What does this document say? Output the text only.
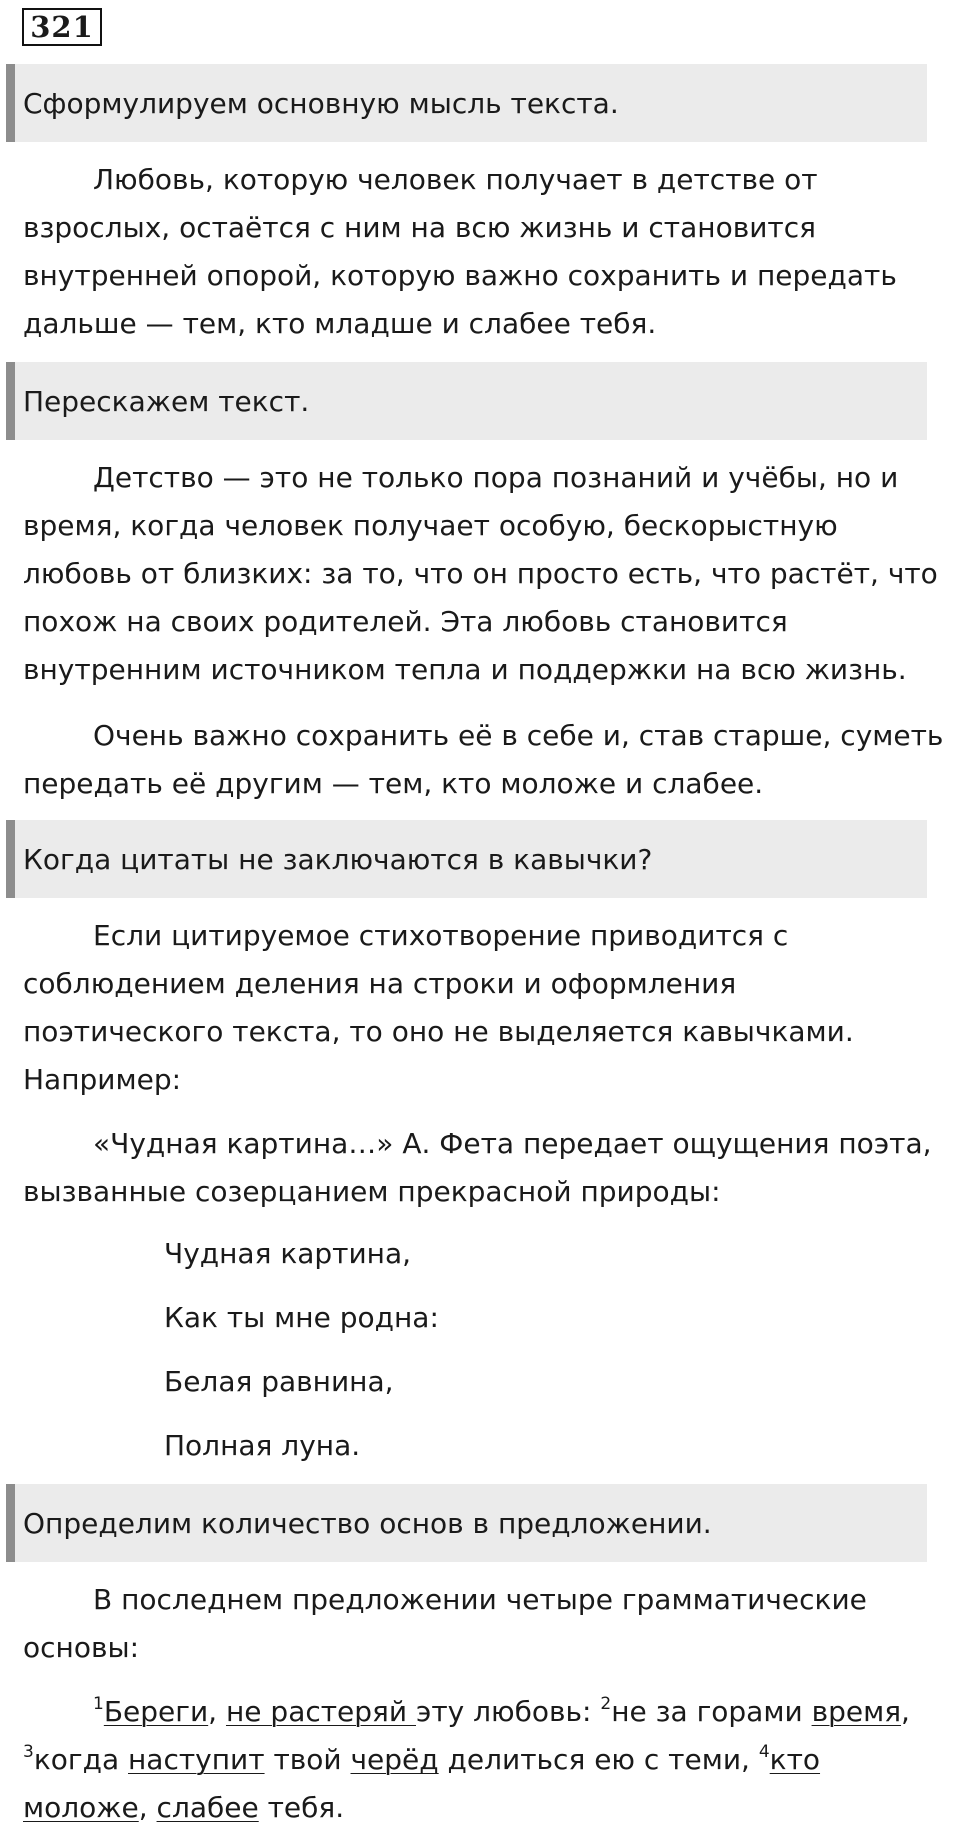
321
Сформулируем основную мысль текста.
Любовь, которую человек получает в детстве от
взрослых, остаётся с ним на всю жизнь и становится
внутренней опорой, которую важно сохранить и передать
дальше — тем, кто младше и слабее тебя.
Перескажем текст.
Детство — это не только пора познаний и учёбы, но и
время, когда человек получает особую, бескорыстную
любовь от близких: за то, что он просто есть, что растёт, что
похож на своих родителей. Эта любовь становится
внутренним источником тепла и поддержки на всю жизнь.
Очень важно сохранить её в себе и, став старше, суметь
передать её другим — тем, кто моложе и слабее.
Когда цитаты не заключаются в кавычки?
Если цитируемое стихотворение приводится с
соблюдением деления на строки и оформления
поэтического текста, то оно не выделяется кавычками.
Например:
«Чудная картина…» А. Фета передает ощущения поэта,
вызванные созерцанием прекрасной природы:
Чудная картина,
Как ты мне родна:
Белая равнина,
Полная луна.
Определим количество основ в предложении.
В последнем предложении четыре грамматические
основы:
$^1$Береги, не растеряй эту любовь: $^2$не за горами время,
$^3$когда наступит твой черёд делиться ею с теми, $^4$кто
моложе, слабее тебя.
